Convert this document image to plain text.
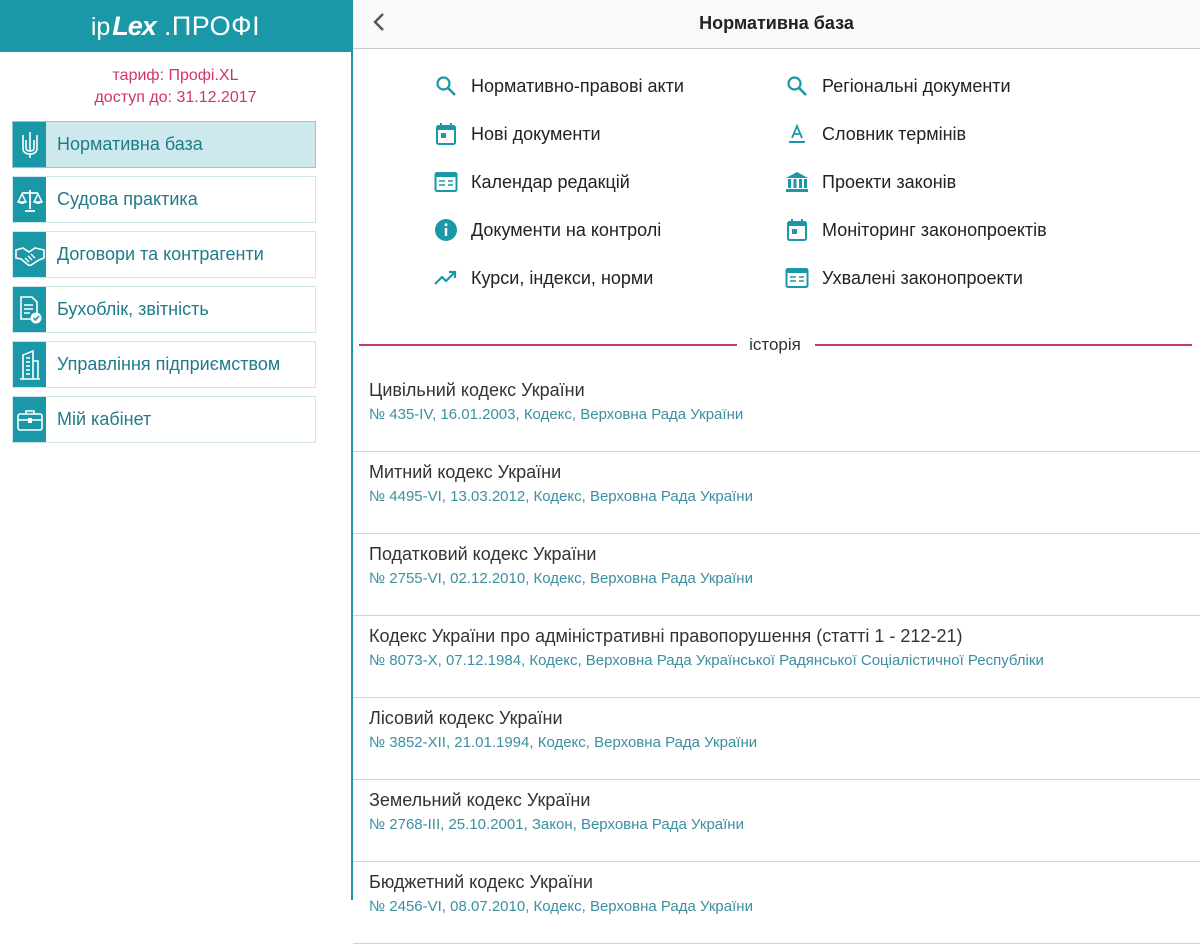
ip Lex .ПРОФІ
тариф: Профі.XL
доступ до: 31.12.2017
Нормативна база
Судова практика
Договори та контрагенти
Бухоблік, звітність
Управління підприємством
Мій кабінет
Нормативна база
Нормативно-правові акти
Нові документи
Календар редакцій
Документи на контролі
Курси, індекси, норми
Регіональні документи
Словник термінів
Проекти законів
Моніторинг законопроектів
Ухвалені законопроекти
історія
Цивільний кодекс України
№ 435-IV, 16.01.2003, Кодекс, Верховна Рада України
Митний кодекс України
№ 4495-VI, 13.03.2012, Кодекс, Верховна Рада України
Податковий кодекс України
№ 2755-VI, 02.12.2010, Кодекс, Верховна Рада України
Кодекс України про адміністративні правопорушення (статті 1 - 212-21)
№ 8073-X, 07.12.1984, Кодекс, Верховна Рада Української Радянської Соціалістичної Республіки
Лісовий кодекс України
№ 3852-XII, 21.01.1994, Кодекс, Верховна Рада України
Земельний кодекс України
№ 2768-III, 25.10.2001, Закон, Верховна Рада України
Бюджетний кодекс України
№ 2456-VI, 08.07.2010, Кодекс, Верховна Рада України
